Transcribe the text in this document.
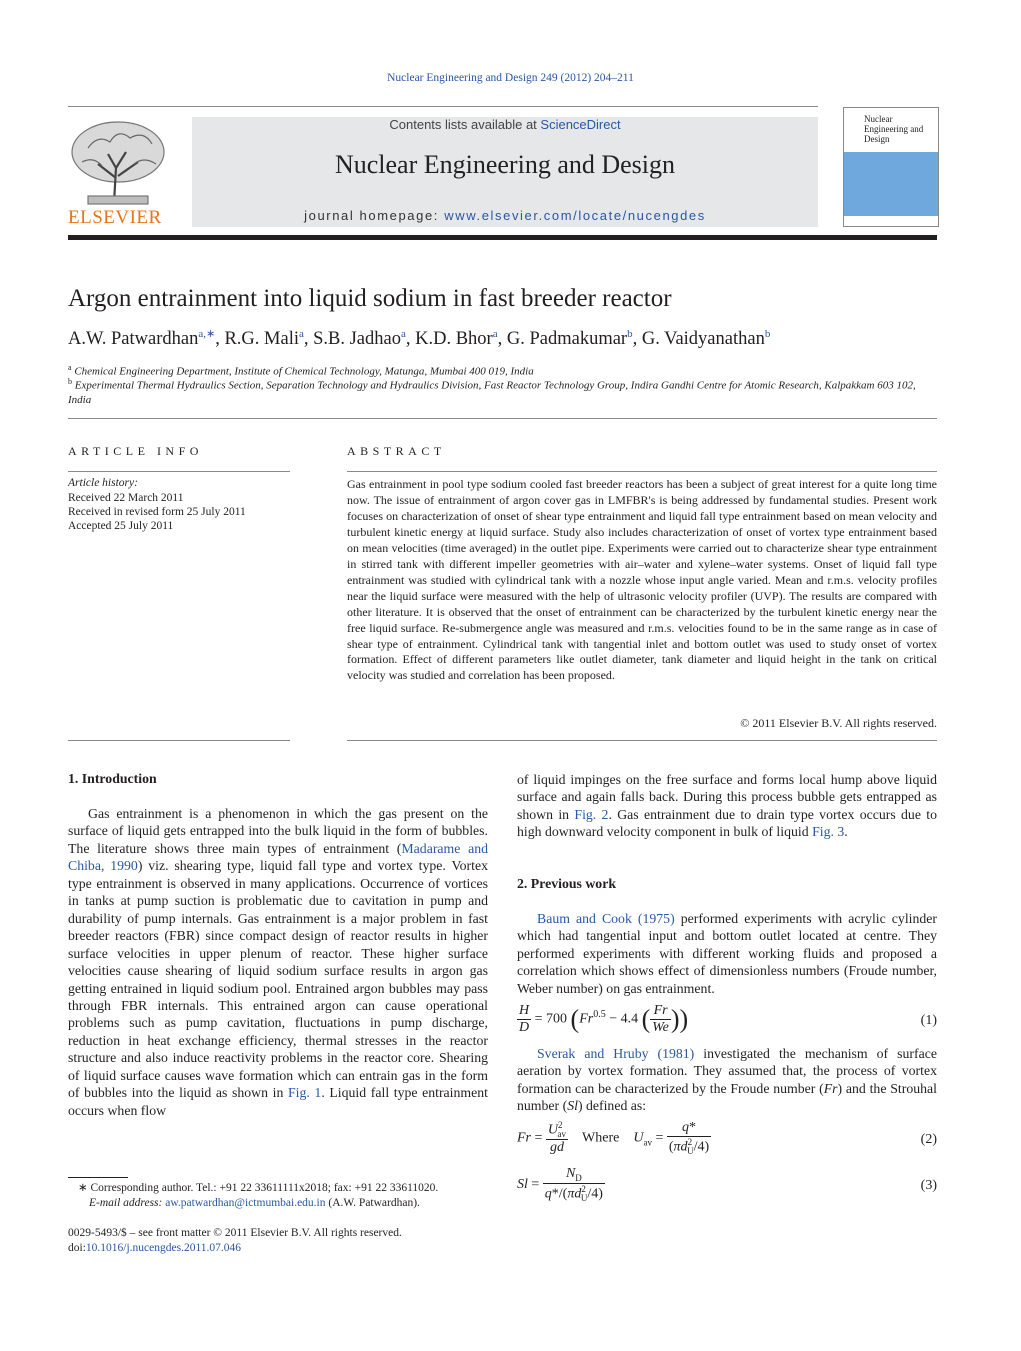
Nuclear Engineering and Design 249 (2012) 204–211
ELSEVIER
Contents lists available at ScienceDirect
Nuclear Engineering and Design
journal homepage: www.elsevier.com/locate/nucengdes
Nuclear Engineering and Design
Argon entrainment into liquid sodium in fast breeder reactor
A.W. Patwardhan$^{a,∗}$, R.G. Mali$^a$, S.B. Jadhao$^a$, K.D. Bhor$^a$, G. Padmakumar$^b$, G. Vaidyanathan$^b$
$^a$ Chemical Engineering Department, Institute of Chemical Technology, Matunga, Mumbai 400 019, India
$^b$ Experimental Thermal Hydraulics Section, Separation Technology and Hydraulics Division, Fast Reactor Technology Group, Indira Gandhi Centre for Atomic Research, Kalpakkam 603 102, India
ARTICLE INFO
Article history:
Received 22 March 2011
Received in revised form 25 July 2011
Accepted 25 July 2011
ABSTRACT
Gas entrainment in pool type sodium cooled fast breeder reactors has been a subject of great interest for a quite long time now. The issue of entrainment of argon cover gas in LMFBR's is being addressed by fundamental studies. Present work focuses on characterization of onset of shear type entrainment and liquid fall type entrainment based on mean velocity and turbulent kinetic energy at liquid surface. Study also includes characterization of onset of vortex type entrainment based on mean velocities (time averaged) in the outlet pipe. Experiments were carried out to characterize shear type entrainment in stirred tank with different impeller geometries with air–water and xylene–water systems. Onset of liquid fall type entrainment was studied with cylindrical tank with a nozzle whose input angle varied. Mean and r.m.s. velocity profiles near the liquid surface were measured with the help of ultrasonic velocity profiler (UVP). The results are compared with other literature. It is observed that the onset of entrainment can be characterized by the turbulent kinetic energy near the free liquid surface. Re-submergence angle was measured and r.m.s. velocities found to be in the same range as in case of shear type of entrainment. Cylindrical tank with tangential inlet and bottom outlet was used to study onset of vortex formation. Effect of different parameters like outlet diameter, tank diameter and liquid height in the tank on critical velocity was studied and correlation has been proposed.
© 2011 Elsevier B.V. All rights reserved.
1. Introduction
Gas entrainment is a phenomenon in which the gas present on the surface of liquid gets entrapped into the bulk liquid in the form of bubbles. The literature shows three main types of entrainment (Madarame and Chiba, 1990) viz. shearing type, liquid fall type and vortex type. Vortex type entrainment is observed in many applications. Occurrence of vortices in tanks at pump suction is problematic due to cavitation in pump and durability of pump internals. Gas entrainment is a major problem in fast breeder reactors (FBR) since compact design of reactor results in higher surface velocities in upper plenum of reactor. These higher surface velocities cause shearing of liquid sodium surface results in argon gas getting entrained in liquid sodium pool. Entrained argon bubbles may pass through FBR internals. This entrained argon can cause operational problems such as pump cavitation, fluctuations in pump discharge, reduction in heat exchange efficiency, thermal stresses in the reactor structure and also induce reactivity problems in the reactor core. Shearing of liquid surface causes wave formation which can entrain gas in the form of bubbles into the liquid as shown in Fig. 1. Liquid fall type entrainment occurs when flow
∗ Corresponding author. Tel.: +91 22 33611111x2018; fax: +91 22 33611020.
E-mail address: aw.patwardhan@ictmumbai.edu.in (A.W. Patwardhan).
0029-5493/$ – see front matter © 2011 Elsevier B.V. All rights reserved.
doi:10.1016/j.nucengdes.2011.07.046
of liquid impinges on the free surface and forms local hump above liquid surface and again falls back. During this process bubble gets entrapped as shown in Fig. 2. Gas entrainment due to drain type vortex occurs due to high downward velocity component in bulk of liquid Fig. 3.
2. Previous work
Baum and Cook (1975) performed experiments with acrylic cylinder which had tangential input and bottom outlet located at centre. They performed experiments with different working fluids and proposed a correlation which shows effect of dimensionless numbers (Froude number, Weber number) on gas entrainment.
$\frac{H}{D} = 700$ ($Fr^{0.5} - 4.4$ ( $\frac{Fr}{We}$ ))	(1)
Sverak and Hruby (1981) investigated the mechanism of surface aeration by vortex formation. They assumed that, the process of vortex formation can be characterized by the Froude number (Fr) and the Strouhal number (Sl) defined as:
$Fr = \frac{U^2_{av}}{gd}$ Where $U_{av} = \frac{q*}{(\pi d^2_U/4)}$	(2)
$Sl = \frac{N_D}{q*/(\pi d^2_U/4)}$	(3)
